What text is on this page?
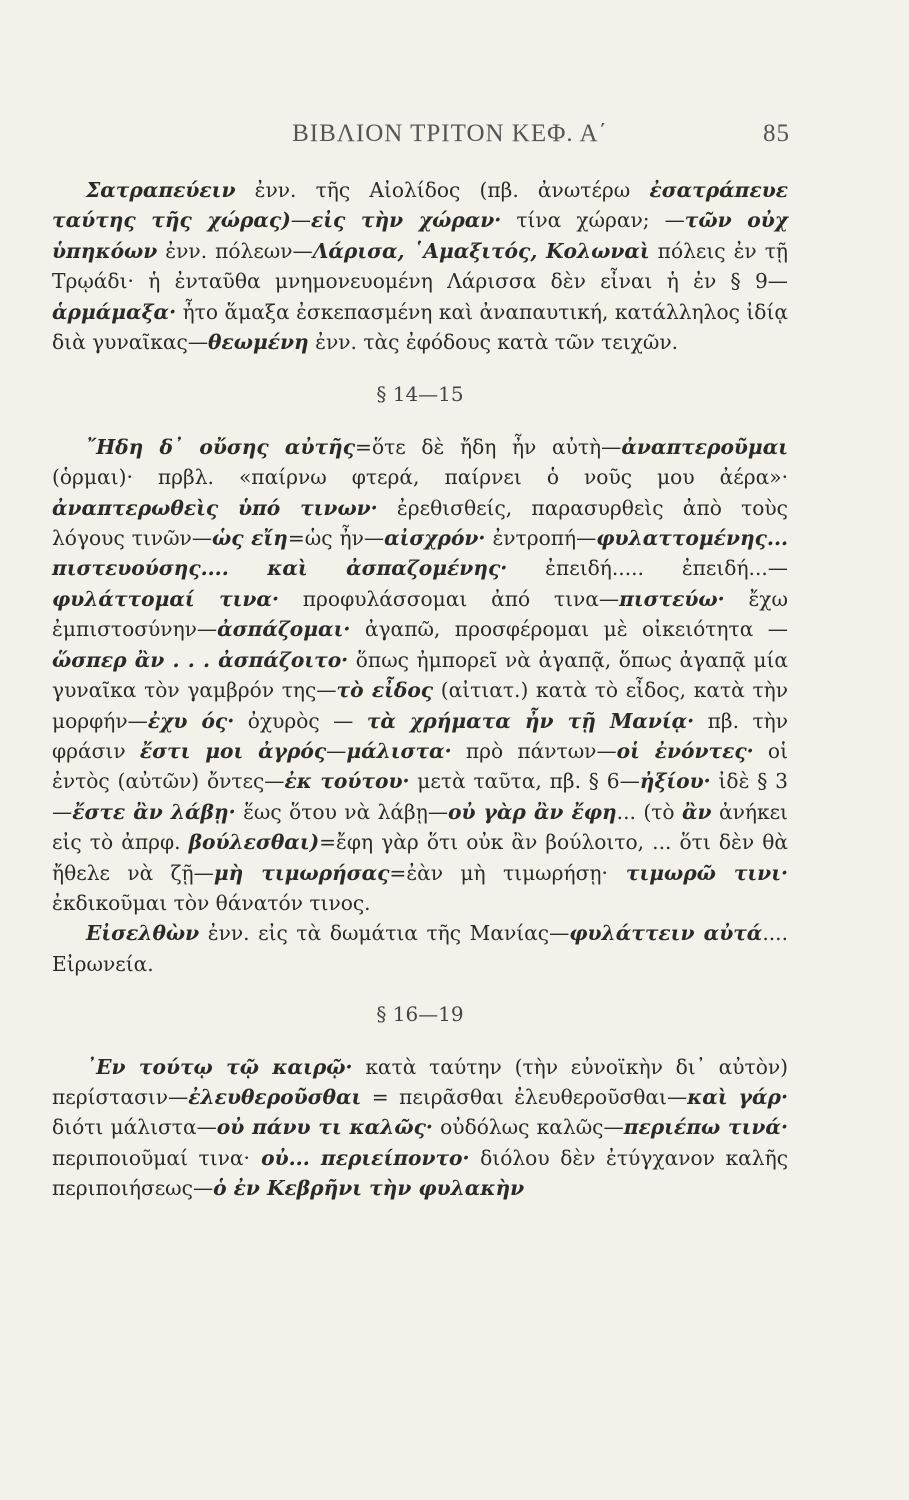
ΒΙΒΛΙΟΝ ΤΡΙΤΟΝ ΚΕΦ. Α΄	85

Σατραπεύειν ἐνν. τῆς Αἰολίδος (πβ. ἀνωτέρω ἐσατράπευε ταύτης τῆς χώρας)—εἰς τὴν χώραν· τίνα χώραν; —τῶν οὐχ ὑπηκόων ἐνν. πόλεων—Λάρισα, ῾Αμαξιτός, Κολωναὶ πόλεις ἐν τῇ Τρῳάδι· ἡ ἐνταῦθα μνημονευομένη Λάρισσα δὲν εἶναι ἡ ἐν § 9—ἁρμάμαξα· ἦτο ἅμαξα ἐσκεπασμένη καὶ ἀναπαυτική, κατάλληλος ἰδίᾳ διὰ γυναῖκας—θεωμένη ἐνν. τὰς ἐφόδους κατὰ τῶν τειχῶν.

§ 14—15

῎Ηδη δ᾽ οὔσης αὐτῆς=ὅτε δὲ ἤδη ἦν αὐτὴ—ἀναπτεροῦμαι (ὁρμαι)· πρβλ. «παίρνω φτερά, παίρνει ὁ νοῦς μου ἀέρα»· ἀναπτερωθεὶς ὑπό τινων· ἐρεθισθείς, παρασυρθεὶς ἀπὸ τοὺς λόγους τινῶν—ὡς εἴη=ὡς ἦν—αἰσχρόν· ἐντροπή—φυλαττομένης... πιστευούσης.... καὶ ἀσπαζομένης· ἐπειδή..... ἐπειδή...—φυλάττομαί τινα· προφυλάσσομαι ἀπό τινα—πιστεύω· ἔχω ἐμπιστοσύνην—ἀσπάζομαι· ἀγαπῶ, προσφέρομαι μὲ οἰκειότητα — ὥσπερ ἂν . . . ἀσπάζοιτο· ὅπως ἠμπορεῖ νὰ ἀγαπᾷ, ὅπως ἀγαπᾷ μία γυναῖκα τὸν γαμβρόν της—τὸ εἶδος (αἰτιατ.) κατὰ τὸ εἶδος, κατὰ τὴν μορφήν—ἐχυ ός· ὀχυρὸς — τὰ χρήματα ἦν τῇ Μανίᾳ· πβ. τὴν φράσιν ἔστι μοι ἀγρός—μάλιστα· πρὸ πάντων—οἱ ἐνόντες· οἱ ἐντὸς (αὐτῶν) ὄντες—ἐκ τούτου· μετὰ ταῦτα, πβ. § 6—ἠξίου· ἰδὲ § 3—ἔστε ἂν λάβῃ· ἕως ὅτου νὰ λάβῃ—οὐ γὰρ ἂν ἔφη... (τὸ ἂν ἀνήκει εἰς τὸ ἀπρφ. βούλεσθαι)=ἔφη γὰρ ὅτι οὐκ ἂν βούλοιτο, ... ὅτι δὲν θὰ ἤθελε νὰ ζῇ—μὴ τιμωρήσας=ἐὰν μὴ τιμωρήσῃ· τιμωρῶ τινι· ἐκδικοῦμαι τὸν θάνατόν τινος.

Εἰσελθὼν ἐνν. εἰς τὰ δωμάτια τῆς Μανίας—φυλάττειν αὐτά.... Εἰρωνεία.

§ 16—19

᾿Εν τούτῳ τῷ καιρῷ· κατὰ ταύτην (τὴν εὐνοϊκὴν δι᾽ αὐτὸν) περίστασιν—ἐλευθεροῦσθαι = πειρᾶσθαι ἐλευθεροῦσθαι—καὶ γάρ· διότι μάλιστα—οὐ πάνυ τι καλῶς· οὐδόλως καλῶς—περιέπω τινά· περιποιοῦμαί τινα· οὐ... περιείποντο· διόλου δὲν ἐτύγχανον καλῆς περιποιήσεως—ὁ ἐν Κεβρῆνι τὴν φυλακὴν
